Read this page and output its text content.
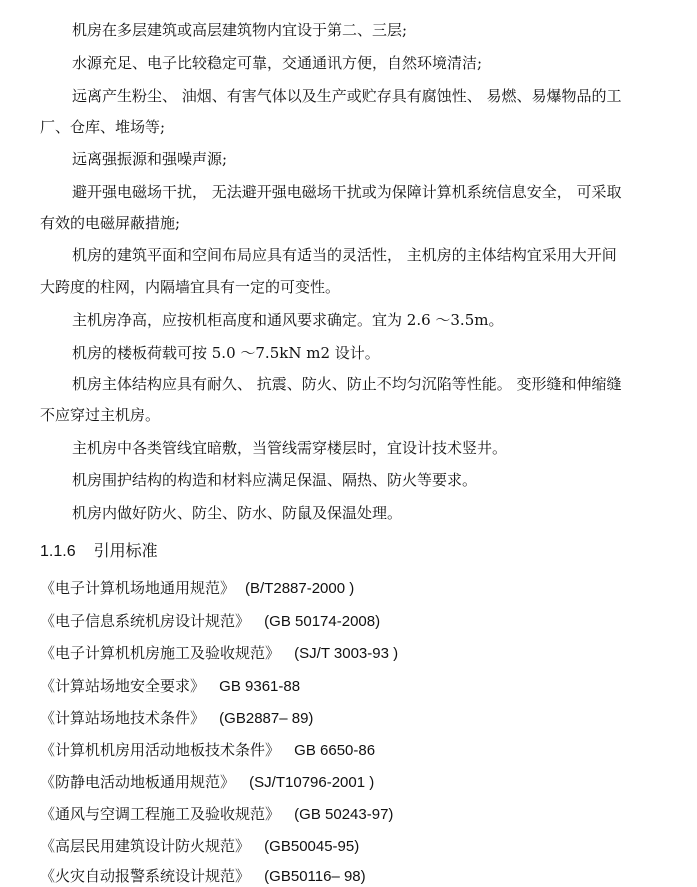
机房在多层建筑或高层建筑物内宜设于第二、三层;
水源充足、电子比较稳定可靠，交通通讯方便，自然环境清洁;
远离产生粉尘、 油烟、有害气体以及生产或贮存具有腐蚀性、 易燃、易爆物品的工
厂、仓库、堆场等;
远离强振源和强噪声源;
避开强电磁场干扰， 无法避开强电磁场干扰或为保障计算机系统信息安全， 可采取
有效的电磁屏蔽措施;
机房的建筑平面和空间布局应具有适当的灵活性， 主机房的主体结构宜采用大开间
大跨度的柱网，内隔墙宜具有一定的可变性。
主机房净高，应按机柜高度和通风要求确定。宜为 2.6 ～3.5m。
机房的楼板荷载可按 5.0 ～7.5kN m2 设计。
机房主体结构应具有耐久、 抗震、防火、防止不均匀沉陷等性能。 变形缝和伸缩缝
不应穿过主机房。
主机房中各类管线宜暗敷，当管线需穿楼层时，宜设计技术竖井。
机房围护结构的构造和材料应满足保温、隔热、防火等要求。
机房内做好防火、防尘、防水、防鼠及保温处理。
1.1.6 引用标准
《电子计算机场地通用规范》 (B/T2887-2000 )
《电子信息系统机房设计规范》 (GB 50174-2008)
《电子计算机机房施工及验收规范》 (SJ/T 3003-93 )
《计算站场地安全要求》 GB 9361-88
《计算站场地技术条件》 (GB2887– 89)
《计算机机房用活动地板技术条件》 GB 6650-86
《防静电活动地板通用规范》 (SJ/T10796-2001 )
《通风与空调工程施工及验收规范》 (GB 50243-97)
《高层民用建筑设计防火规范》 (GB50045-95)
《火灾自动报警系统设计规范》 (GB50116– 98)
